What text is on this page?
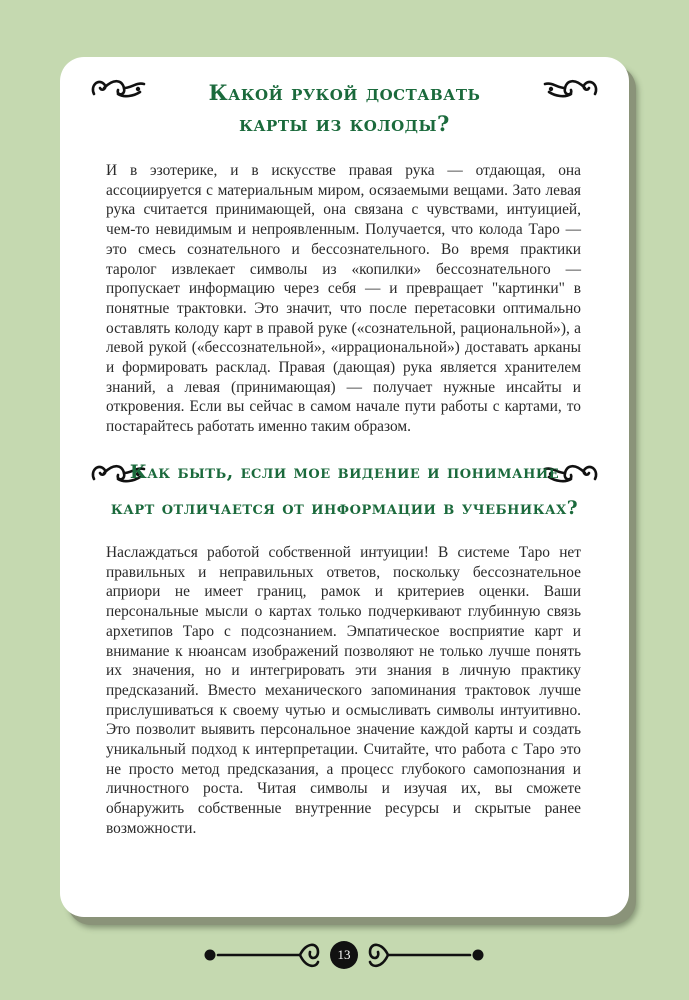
Какой рукой доставать
карты из колоды?

И в эзотерике, и в искусстве правая рука — отдающая, она ассоциируется с материальным миром, осязаемыми вещами. Зато левая рука считается принимающей, она связана с чувствами, интуицией, чем-то невидимым и непроявленным. Получается, что колода Таро — это смесь сознательного и бессознательного. Во время практики таролог извлекает символы из «копилки» бессознательного — пропускает информацию через себя — и превращает "картинки" в понятные трактовки. Это значит, что после перетасовки оптимально оставлять колоду карт в правой руке («сознательной, рациональной»), а левой рукой («бессознательной», «иррациональной») доставать арканы и формировать расклад. Правая (дающая) рука является хранителем знаний, а левая (принимающая) — получает нужные инсайты и откровения. Если вы сейчас в самом начале пути работы с картами, то постарайтесь работать именно таким образом.

Как быть, если мое видение и понимание
карт отличается от информации в учебниках?

Наслаждаться работой собственной интуиции! В системе Таро нет правильных и неправильных ответов, поскольку бессознательное априори не имеет границ, рамок и критериев оценки. Ваши персональные мысли о картах только подчеркивают глубинную связь архетипов Таро с подсознанием. Эмпатическое восприятие карт и внимание к нюансам изображений позволяют не только лучше понять их значения, но и интегрировать эти знания в личную практику предсказаний. Вместо механического запоминания трактовок лучше прислушиваться к своему чутью и осмысливать символы интуитивно. Это позволит выявить персональное значение каждой карты и создать уникальный подход к интерпретации. Считайте, что работа с Таро это не просто метод предсказания, а процесс глубокого самопознания и личностного роста. Читая символы и изучая их, вы сможете обнаружить собственные внутренние ресурсы и скрытые ранее возможности.

13
